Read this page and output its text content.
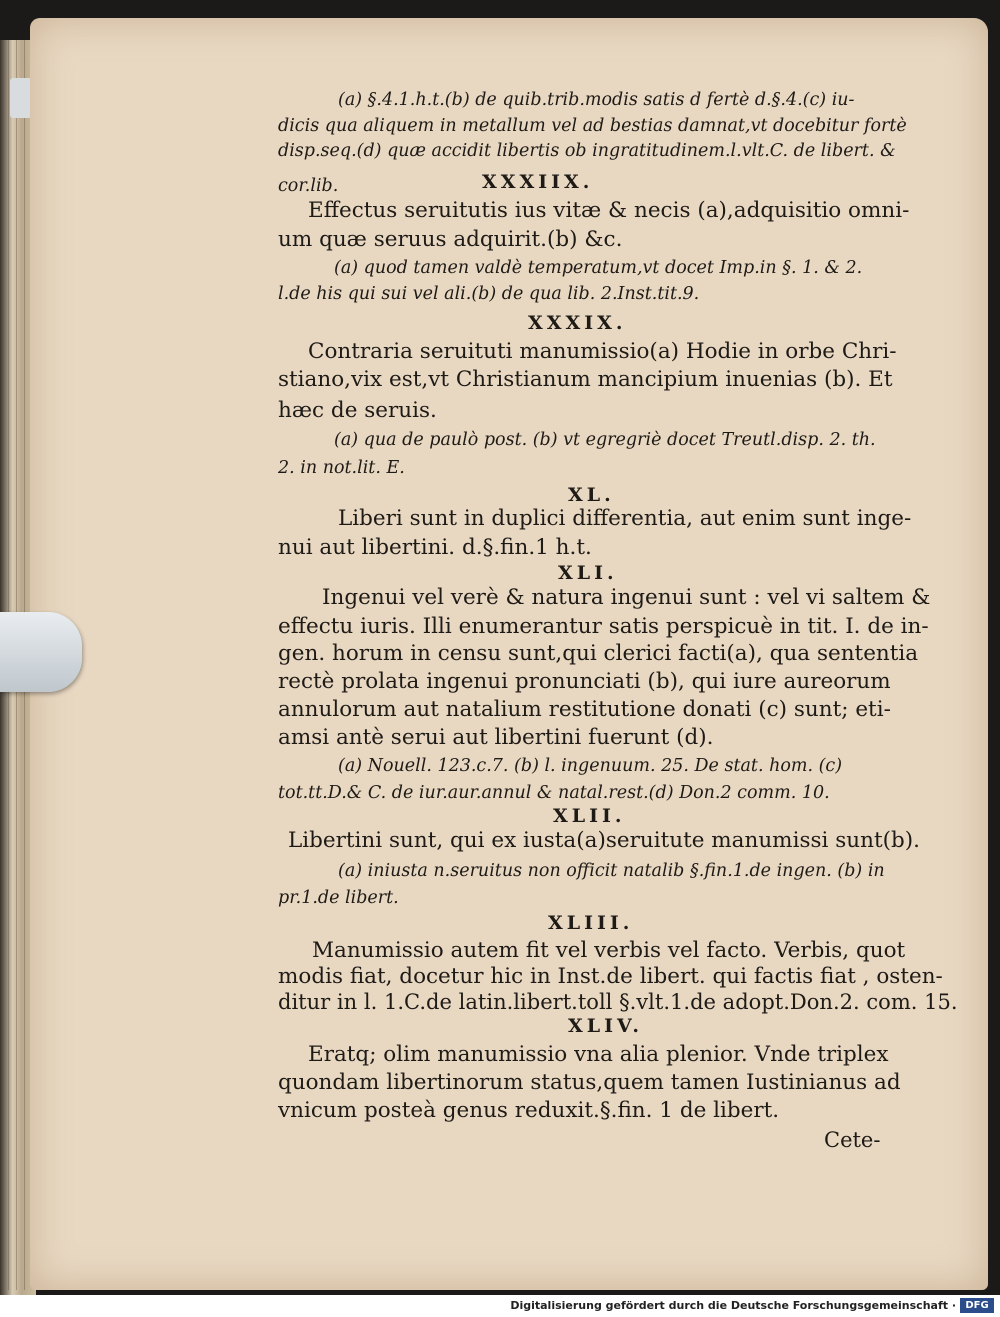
(a) §.4.1.h.t.(b) de quib.trib.modis satis d fertè d.§.4.(c) iu-
dicis qua aliquem in metallum vel ad bestias damnat,vt docebitur fortè
disp.seq.(d) quæ accidit libertis ob ingratitudinem.l.vlt.C. de libert. &
cor.lib.	XXXIIX.
Effectus seruitutis ius vitæ & necis (a),adquisitio omni-
um quæ seruus adquirit.(b) &c.
(a) quod tamen valdè temperatum,vt docet Imp.in §. 1. & 2.
l.de his qui sui vel ali.(b) de qua lib. 2.Inst.tit.9.
XXXIX.
Contraria seruituti manumissio(a) Hodie in orbe Chri-
stiano,vix est,vt Christianum mancipium inuenias (b). Et
hæc de seruis.
(a) qua de paulò post. (b) vt egregriè docet Treutl.disp. 2. th.
2. in not.lit. E.
XL.
Liberi sunt in duplici differentia, aut enim sunt inge-
nui aut libertini. d.§.fin.1 h.t.
XLI.
Ingenui vel verè & natura ingenui sunt : vel vi saltem &
effectu iuris. Illi enumerantur satis perspicuè in tit. I. de in-
gen. horum in censu sunt,qui clerici facti(a), qua sententia
rectè prolata ingenui pronunciati (b), qui iure aureorum
annulorum aut natalium restitutione donati (c) sunt; eti-
amsi antè serui aut libertini fuerunt (d).
(a) Nouell. 123.c.7. (b) l. ingenuum. 25. De stat. hom. (c)
tot.tt.D.& C. de iur.aur.annul & natal.rest.(d) Don.2 comm. 10.
XLII.
Libertini sunt, qui ex iusta(a)seruitute manumissi sunt(b).
(a) iniusta n.seruitus non officit natalib §.fin.1.de ingen. (b) in
pr.1.de libert.
XLIII.
Manumissio autem fit vel verbis vel facto. Verbis, quot
modis fiat, docetur hic in Inst.de libert. qui factis fiat , osten-
ditur in l. 1.C.de latin.libert.toll §.vlt.1.de adopt.Don.2. com. 15.
XLIV.
Eratq; olim manumissio vna alia plenior. Vnde triplex
quondam libertinorum status,quem tamen Iustinianus ad
vnicum posteà genus reduxit.§.fin. 1 de libert.
Cete-
Digitalisierung gefördert durch die Deutsche Forschungsgemeinschaft · DFG
